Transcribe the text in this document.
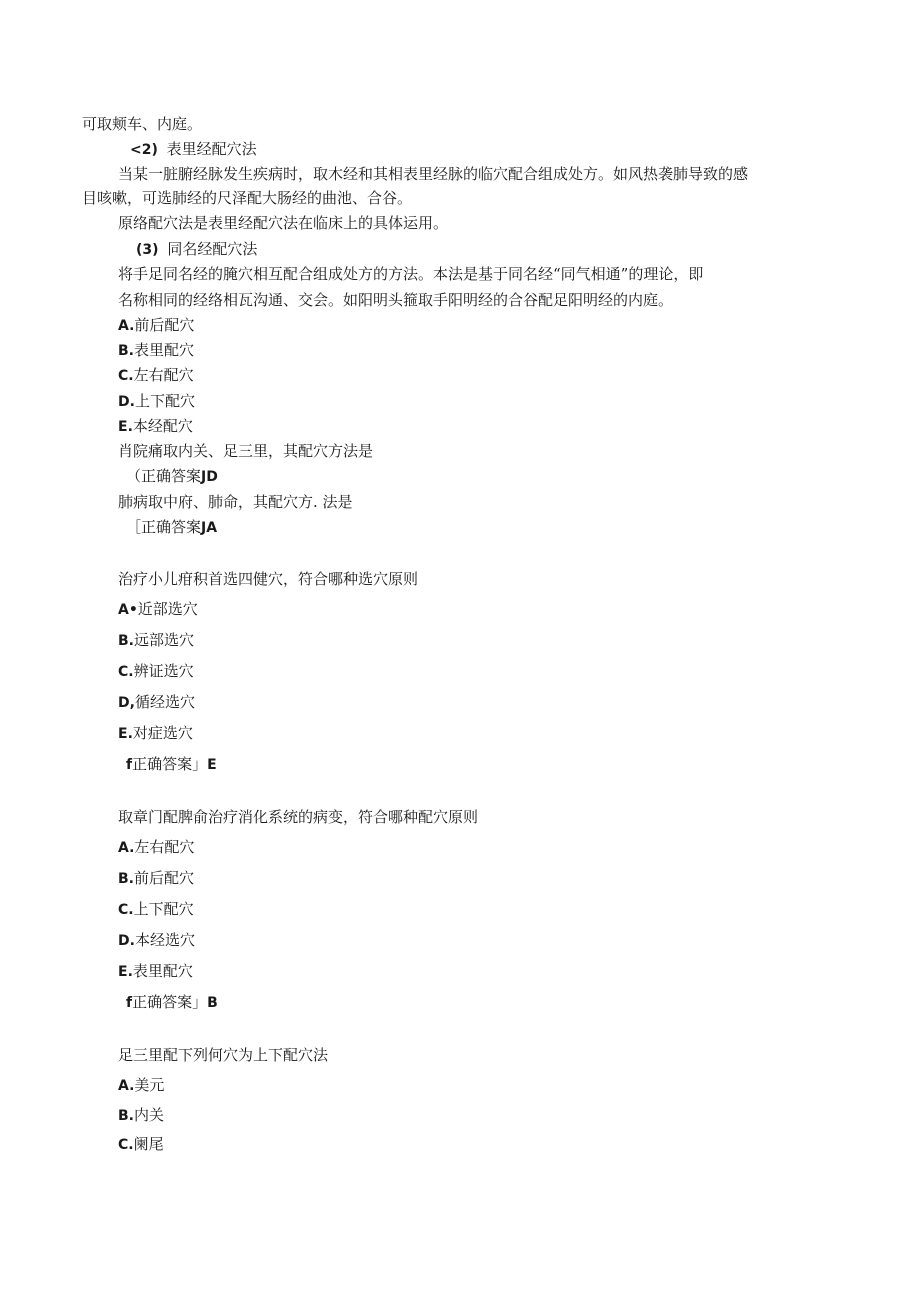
可取颊车、内庭。
<2) 表里经配穴法
当某一脏腑经脉发生疾病时，取木经和其相表里经脉的临穴配合组成处方。如风热袭肺导致的感
目咳嗽，可选肺经的尺泽配大肠经的曲池、合谷。
原络配穴法是表里经配穴法在临床上的具体运用。
(3) 同名经配穴法
将手足同名经的腌穴相互配合组成处方的方法。本法是基于同名经“同气相通”的理论，即
名称相同的经络相瓦沟通、交会。如阳明头箍取手阳明经的合谷配足阳明经的内庭。
A.前后配穴
B.表里配穴
C.左右配穴
D.上下配穴
E.本经配穴
肖院痛取内关、足三里，其配穴方法是
（正确答案JD
肺病取中府、肺命，其配穴方. 法是
［正确答案JA
治疗小儿疳积首选四健穴，符合哪种选穴原则
A•近部选穴
B.远部选穴
C.辨证选穴
D,循经选穴
E.对症选穴
f正确答案」E
取章门配脾俞治疗消化系统的病变，符合哪种配穴原则
A.左右配穴
B.前后配穴
C.上下配穴
D.本经选穴
E.表里配穴
f正确答案」B
足三里配下列何穴为上下配穴法
A.美元
B.内关
C.阑尾
